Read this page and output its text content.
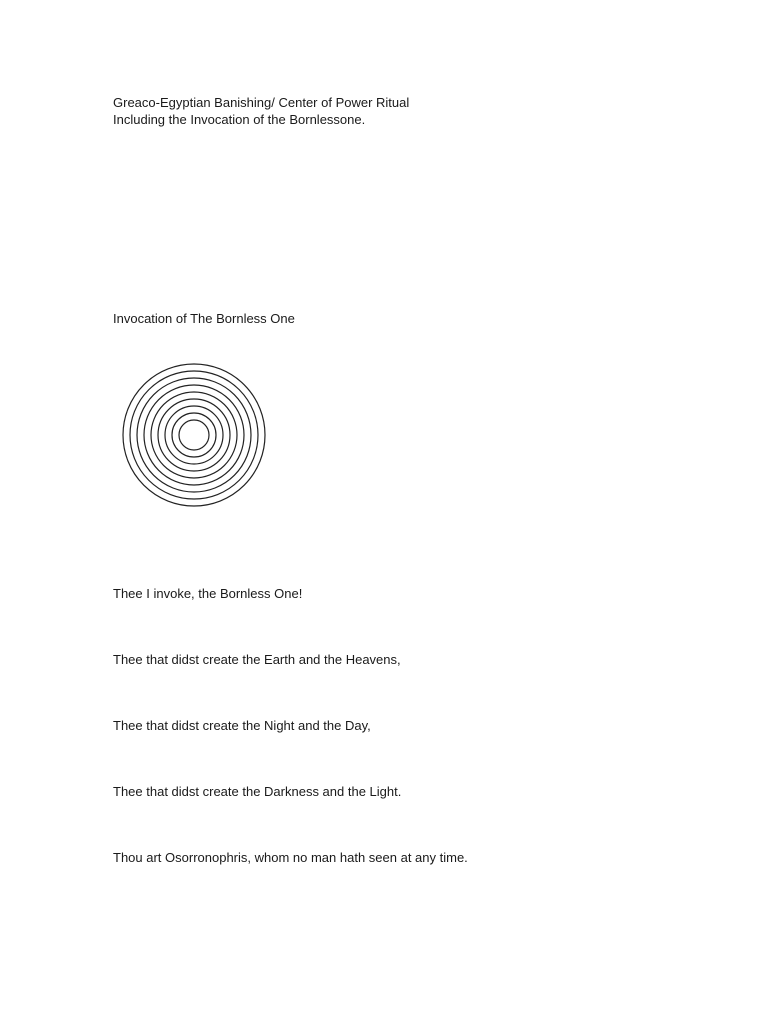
Greaco-Egyptian Banishing/ Center of Power Ritual
Including the Invocation of the Bornlessone.
Invocation of The Bornless One
Thee I invoke, the Bornless One!
Thee that didst create the Earth and the Heavens,
Thee that didst create the Night and the Day,
Thee that didst create the Darkness and the Light.
Thou art Osorronophris, whom no man hath seen at any time.
